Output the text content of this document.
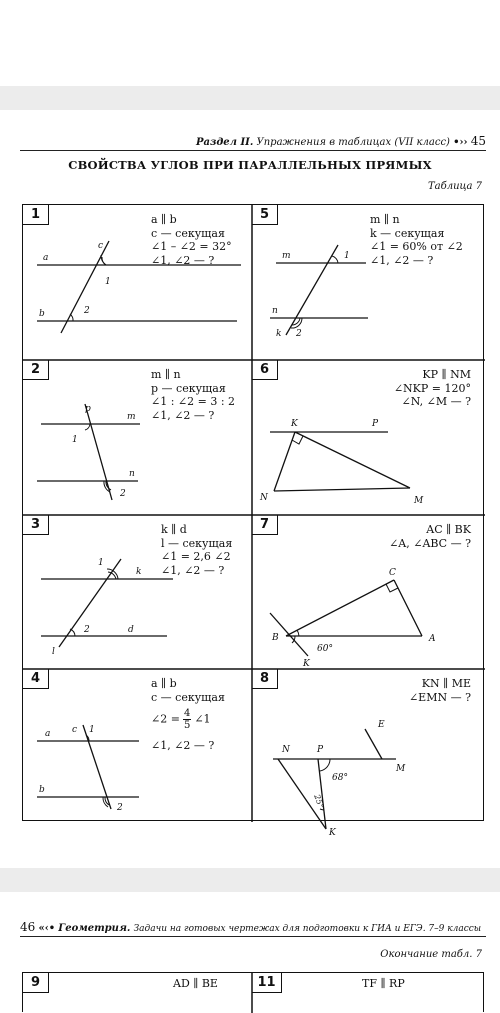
Раздел II. Упражнения в таблицах (VII класс) •›› 45
СВОЙСТВА УГЛОВ ПРИ ПАРАЛЛЕЛЬНЫХ ПРЯМЫХ
Таблица 7
1	a ∥ b
c — секущая
∠1 – ∠2 = 32°
∠1, ∠2 — ?
a
b
c
1
2
5	m ∥ n
k — секущая
∠1 = 60% от ∠2
∠1, ∠2 — ?
m
n
k
1
2
2	m ∥ n
p — секущая
∠1 : ∠2 = 3 : 2
∠1, ∠2 — ?
p
m
n
1
2
6	KP ∥ NM
∠NKP = 120°
∠N, ∠M — ?
K	P
N	M
3	k ∥ d
l — секущая
∠1 = 2,6 ∠2
∠1, ∠2 — ?
k
d
l
1
2
7	AC ∥ BK
∠A, ∠ABC — ?
C
B	A
K
60°
4	a ∥ b
c — секущая
∠2 = $\frac{4}{5}$ ∠1
∠1, ∠2 — ?
a
b
c 1
2
8	KN ∥ ME
∠EMN — ?
N	P
E
M
K
68°
25°
46 «‹• Геометрия. Задачи на готовых чертежах для подготовки к ГИА и ЕГЭ. 7–9 классы
Окончание табл. 7
9	AD ∥ BE	11	TF ∥ RP
